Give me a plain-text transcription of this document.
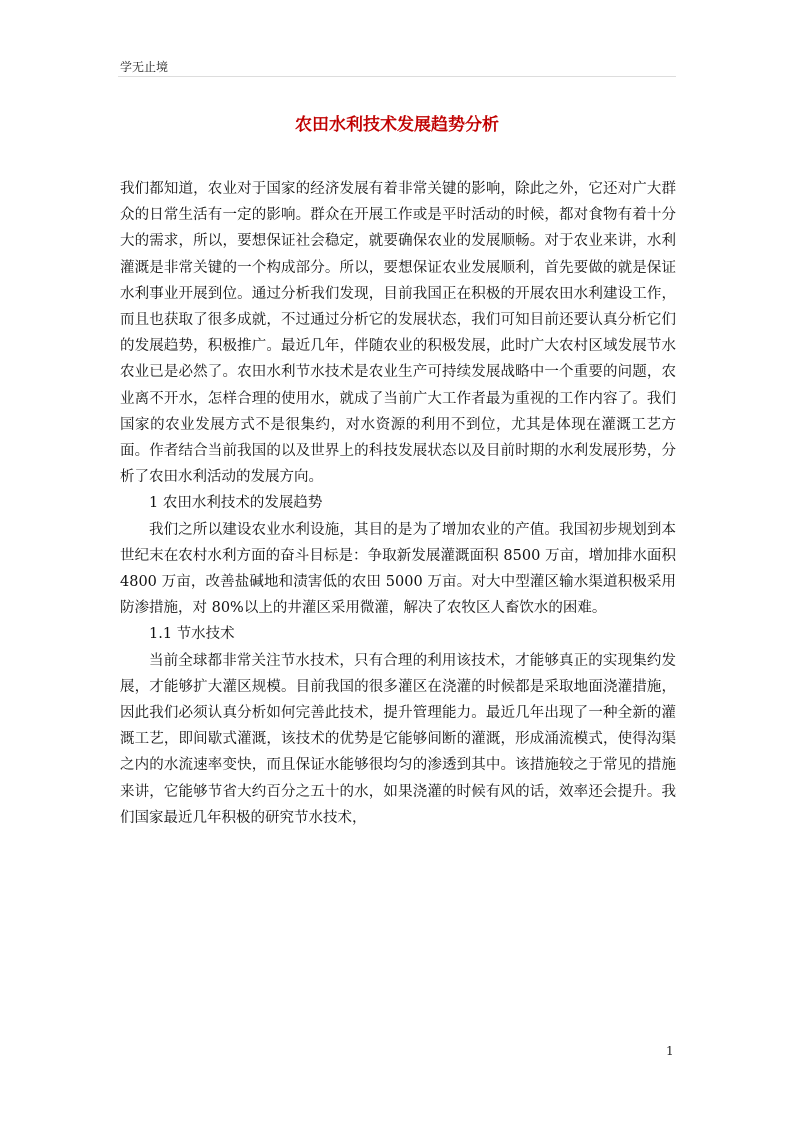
学无止境
农田水利技术发展趋势分析

我们都知道，农业对于国家的经济发展有着非常关键的影响，除此之外，它还对广大群众的日常生活有一定的影响。群众在开展工作或是平时活动的时候，都对食物有着十分大的需求，所以，要想保证社会稳定，就要确保农业的发展顺畅。对于农业来讲，水利灌溉是非常关键的一个构成部分。所以，要想保证农业发展顺利，首先要做的就是保证水利事业开展到位。通过分析我们发现，目前我国正在积极的开展农田水利建设工作，而且也获取了很多成就，不过通过分析它的发展状态，我们可知目前还要认真分析它们的发展趋势，积极推广。最近几年，伴随农业的积极发展，此时广大农村区域发展节水农业已是必然了。农田水利节水技术是农业生产可持续发展战略中一个重要的问题，农业离不开水，怎样合理的使用水，就成了当前广大工作者最为重视的工作内容了。我们国家的农业发展方式不是很集约，对水资源的利用不到位，尤其是体现在灌溉工艺方面。作者结合当前我国的以及世界上的科技发展状态以及目前时期的水利发展形势，分析了农田水利活动的发展方向。

1 农田水利技术的发展趋势

我们之所以建设农业水利设施，其目的是为了增加农业的产值。我国初步规划到本世纪末在农村水利方面的奋斗目标是：争取新发展灌溉面积 8500 万亩，增加排水面积 4800 万亩，改善盐碱地和渍害低的农田 5000 万亩。对大中型灌区输水渠道积极采用防渗措施，对 80%以上的井灌区采用微灌，解决了农牧区人畜饮水的困难。

1.1 节水技术

当前全球都非常关注节水技术，只有合理的利用该技术，才能够真正的实现集约发展，才能够扩大灌区规模。目前我国的很多灌区在浇灌的时候都是采取地面浇灌措施，因此我们必须认真分析如何完善此技术，提升管理能力。最近几年出现了一种全新的灌溉工艺，即间歇式灌溉，该技术的优势是它能够间断的灌溉，形成涌流模式，使得沟渠之内的水流速率变快，而且保证水能够很均匀的渗透到其中。该措施较之于常见的措施来讲，它能够节省大约百分之五十的水，如果浇灌的时候有风的话，效率还会提升。我们国家最近几年积极的研究节水技术，

1
